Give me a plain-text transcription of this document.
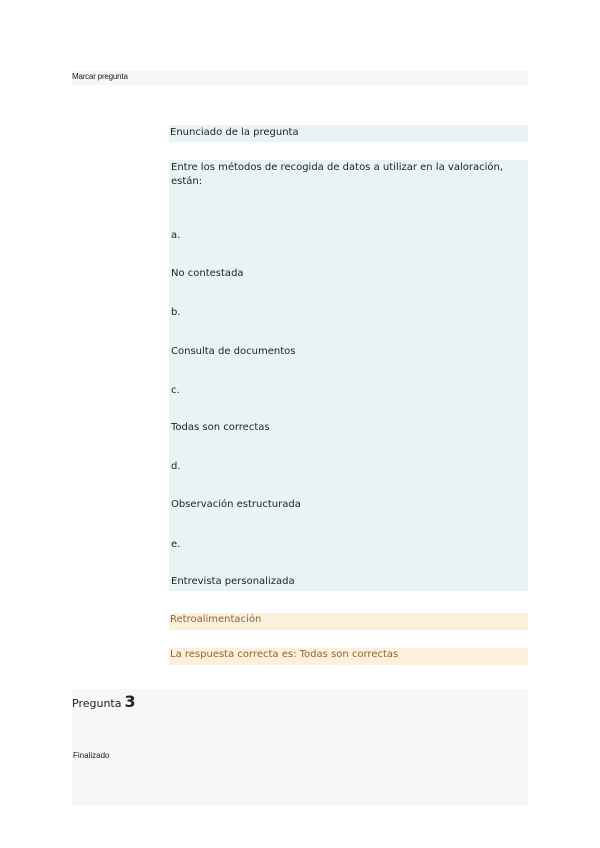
Marcar pregunta
Enunciado de la pregunta
Entre los métodos de recogida de datos a utilizar en la valoración, están:
a.
No contestada
b.
Consulta de documentos
c.
Todas son correctas
d.
Observación estructurada
e.
Entrevista personalizada
Retroalimentación
La respuesta correcta es: Todas son correctas
Pregunta 3
Finalizado
